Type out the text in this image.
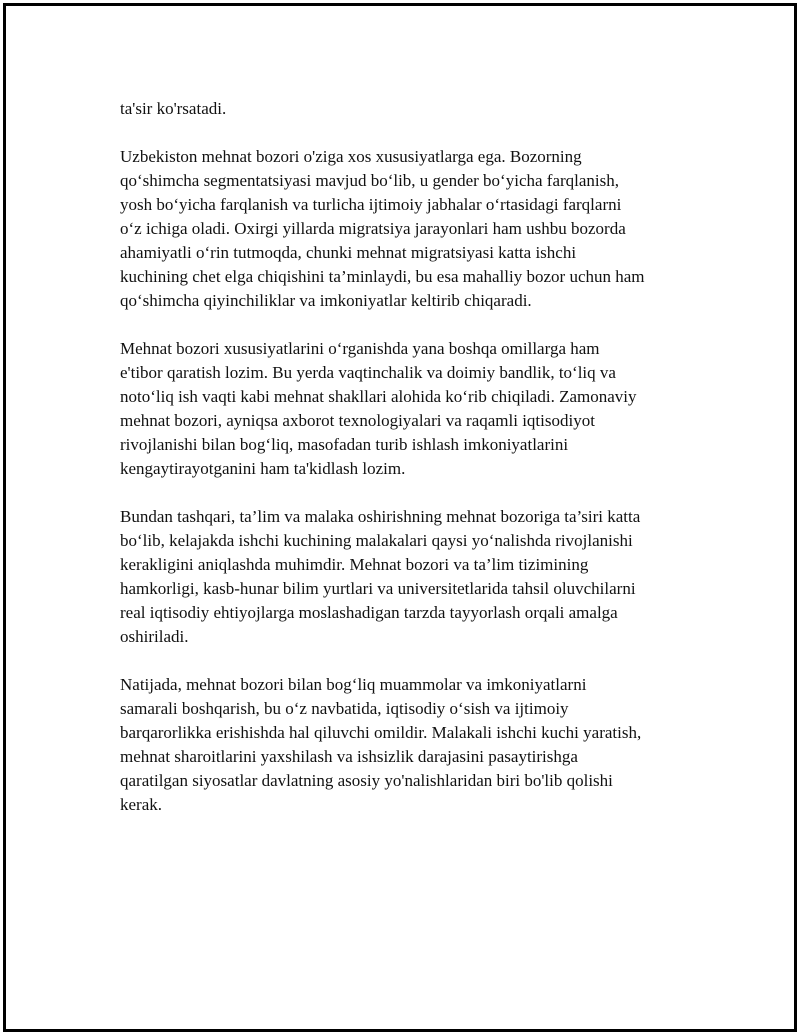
ta'sir ko'rsatadi.

Uzbekiston mehnat bozori o'ziga xos xususiyatlarga ega. Bozorning
qo‘shimcha segmentatsiyasi mavjud bo‘lib, u gender bo‘yicha farqlanish,
yosh bo‘yicha farqlanish va turlicha ijtimoiy jabhalar o‘rtasidagi farqlarni
o‘z ichiga oladi. Oxirgi yillarda migratsiya jarayonlari ham ushbu bozorda
ahamiyatli o‘rin tutmoqda, chunki mehnat migratsiyasi katta ishchi
kuchining chet elga chiqishini ta’minlaydi, bu esa mahalliy bozor uchun ham
qo‘shimcha qiyinchiliklar va imkoniyatlar keltirib chiqaradi.

Mehnat bozori xususiyatlarini o‘rganishda yana boshqa omillarga ham
e'tibor qaratish lozim. Bu yerda vaqtinchalik va doimiy bandlik, to‘liq va
noto‘liq ish vaqti kabi mehnat shakllari alohida ko‘rib chiqiladi. Zamonaviy
mehnat bozori, ayniqsa axborot texnologiyalari va raqamli iqtisodiyot
rivojlanishi bilan bog‘liq, masofadan turib ishlash imkoniyatlarini
kengaytirayotganini ham ta'kidlash lozim.

Bundan tashqari, ta’lim va malaka oshirishning mehnat bozoriga ta’siri katta
bo‘lib, kelajakda ishchi kuchining malakalari qaysi yo‘nalishda rivojlanishi
kerakligini aniqlashda muhimdir. Mehnat bozori va ta’lim tizimining
hamkorligi, kasb-hunar bilim yurtlari va universitetlarida tahsil oluvchilarni
real iqtisodiy ehtiyojlarga moslashadigan tarzda tayyorlash orqali amalga
oshiriladi.

Natijada, mehnat bozori bilan bog‘liq muammolar va imkoniyatlarni
samarali boshqarish, bu o‘z navbatida, iqtisodiy o‘sish va ijtimoiy
barqarorlikka erishishda hal qiluvchi omildir. Malakali ishchi kuchi yaratish,
mehnat sharoitlarini yaxshilash va ishsizlik darajasini pasaytirishga
qaratilgan siyosatlar davlatning asosiy yo'nalishlaridan biri bo'lib qolishi
kerak.
